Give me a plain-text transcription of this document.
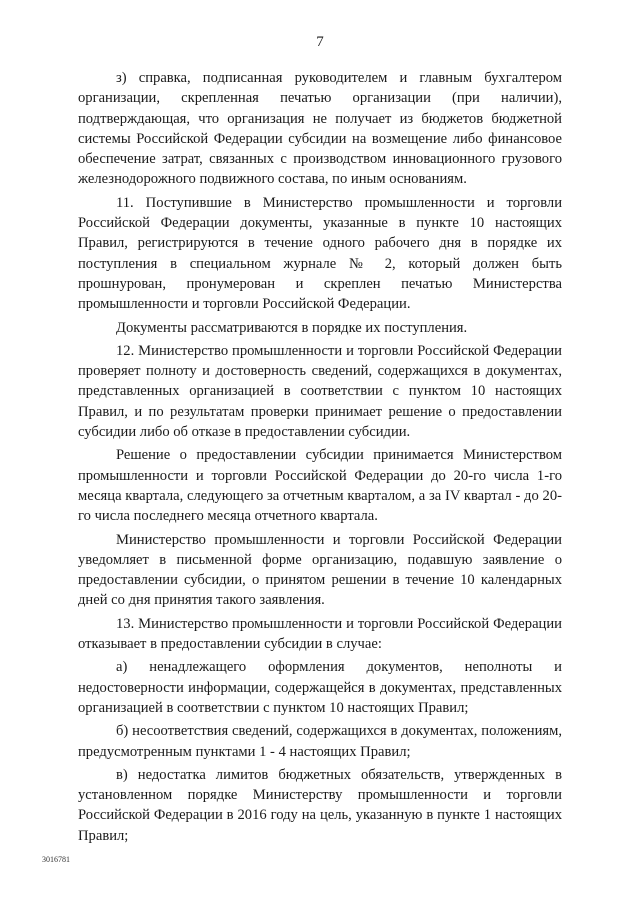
7

з) справка, подписанная руководителем и главным бухгалтером организации, скрепленная печатью организации (при наличии), подтверждающая, что организация не получает из бюджетов бюджетной системы Российской Федерации субсидии на возмещение либо финансовое обеспечение затрат, связанных с производством инновационного грузового железнодорожного подвижного состава, по иным основаниям.

11. Поступившие в Министерство промышленности и торговли Российской Федерации документы, указанные в пункте 10 настоящих Правил, регистрируются в течение одного рабочего дня в порядке их поступления в специальном журнале № 2, который должен быть прошнурован, пронумерован и скреплен печатью Министерства промышленности и торговли Российской Федерации.

Документы рассматриваются в порядке их поступления.

12. Министерство промышленности и торговли Российской Федерации проверяет полноту и достоверность сведений, содержащихся в документах, представленных организацией в соответствии с пунктом 10 настоящих Правил, и по результатам проверки принимает решение о предоставлении субсидии либо об отказе в предоставлении субсидии.

Решение о предоставлении субсидии принимается Министерством промышленности и торговли Российской Федерации до 20-го числа 1-го месяца квартала, следующего за отчетным кварталом, а за IV квартал - до 20-го числа последнего месяца отчетного квартала.

Министерство промышленности и торговли Российской Федерации уведомляет в письменной форме организацию, подавшую заявление о предоставлении субсидии, о принятом решении в течение 10 календарных дней со дня принятия такого заявления.

13. Министерство промышленности и торговли Российской Федерации отказывает в предоставлении субсидии в случае:

а) ненадлежащего оформления документов, неполноты и недостоверности информации, содержащейся в документах, представленных организацией в соответствии с пунктом 10 настоящих Правил;

б) несоответствия сведений, содержащихся в документах, положениям, предусмотренным пунктами 1 - 4 настоящих Правил;

в) недостатка лимитов бюджетных обязательств, утвержденных в установленном порядке Министерству промышленности и торговли Российской Федерации в 2016 году на цель, указанную в пункте 1 настоящих Правил;

3016781
